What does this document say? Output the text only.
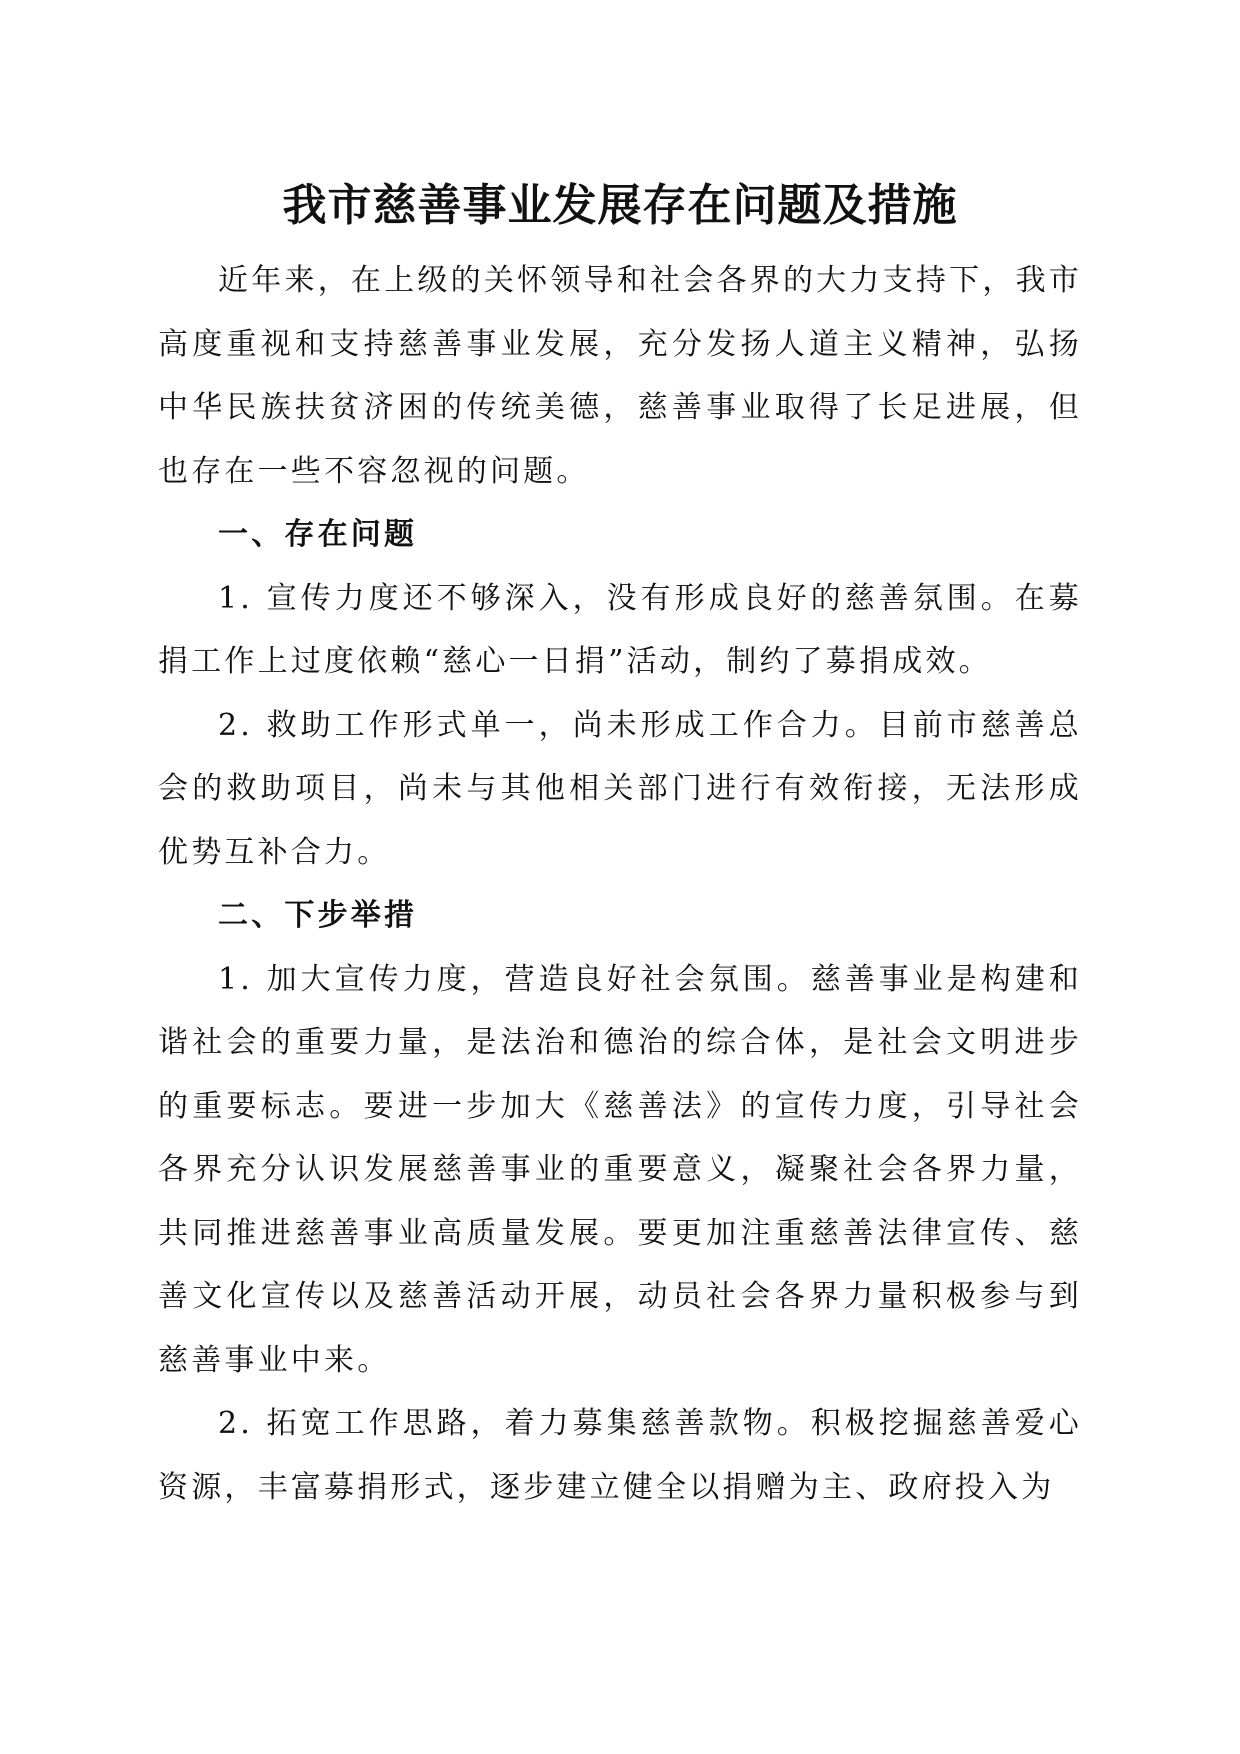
我市慈善事业发展存在问题及措施

近年来，在上级的关怀领导和社会各界的大力支持下，我市高度重视和支持慈善事业发展，充分发扬人道主义精神，弘扬中华民族扶贫济困的传统美德，慈善事业取得了长足进展，但也存在一些不容忽视的问题。

一、存在问题

1. 宣传力度还不够深入，没有形成良好的慈善氛围。在募捐工作上过度依赖“慈心一日捐”活动，制约了募捐成效。

2. 救助工作形式单一，尚未形成工作合力。目前市慈善总会的救助项目，尚未与其他相关部门进行有效衔接，无法形成优势互补合力。

二、下步举措

1. 加大宣传力度，营造良好社会氛围。慈善事业是构建和谐社会的重要力量，是法治和德治的综合体，是社会文明进步的重要标志。要进一步加大《慈善法》的宣传力度，引导社会各界充分认识发展慈善事业的重要意义，凝聚社会各界力量，共同推进慈善事业高质量发展。要更加注重慈善法律宣传、慈善文化宣传以及慈善活动开展，动员社会各界力量积极参与到慈善事业中来。

2. 拓宽工作思路，着力募集慈善款物。积极挖掘慈善爱心资源，丰富募捐形式，逐步建立健全以捐赠为主、政府投入为
